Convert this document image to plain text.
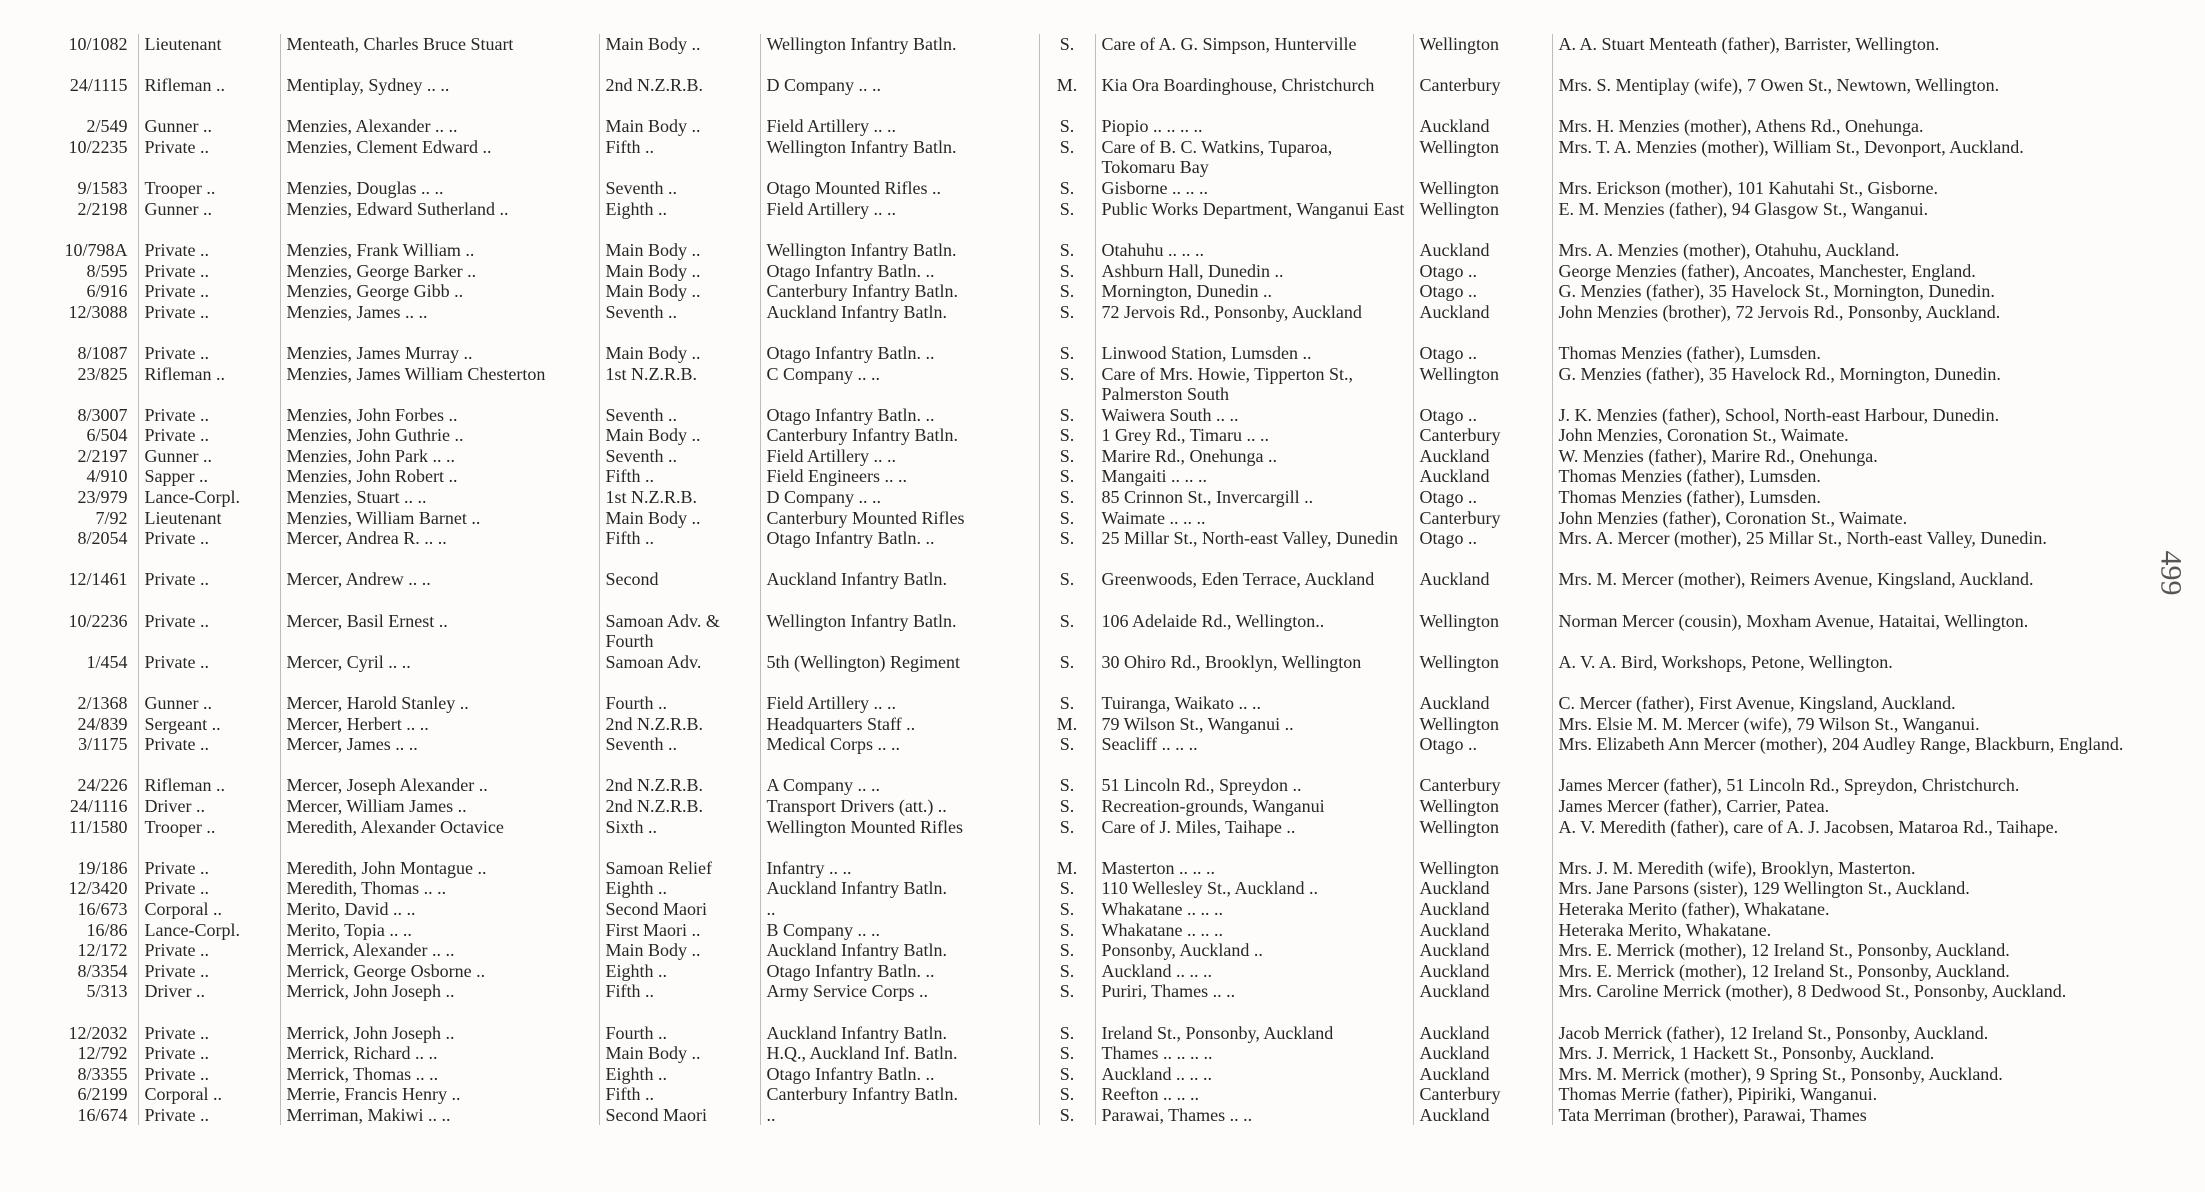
10/1082	Lieutenant	Menteath, Charles Bruce Stuart	Main Body ..	Wellington Infantry Batln.	S.	Care of A. G. Simpson, Hunterville	Wellington	A. A. Stuart Menteath (father), Barrister, Wellington.
24/1115	Rifleman ..	Mentiplay, Sydney .. ..	2nd N.Z.R.B.	D Company .. ..	M.	Kia Ora Boardinghouse, Christchurch	Canterbury	Mrs. S. Mentiplay (wife), 7 Owen St., Newtown, Wellington.
2/549	Gunner ..	Menzies, Alexander .. ..	Main Body ..	Field Artillery .. ..	S.	Piopio .. .. .. ..	Auckland	Mrs. H. Menzies (mother), Athens Rd., Onehunga.
10/2235	Private ..	Menzies, Clement Edward ..	Fifth ..	Wellington Infantry Batln.	S.	Care of B. C. Watkins, Tuparoa, Tokomaru Bay	Wellington	Mrs. T. A. Menzies (mother), William St., Devonport, Auckland.
9/1583	Trooper ..	Menzies, Douglas .. ..	Seventh ..	Otago Mounted Rifles ..	S.	Gisborne .. .. ..	Wellington	Mrs. Erickson (mother), 101 Kahutahi St., Gisborne.
2/2198	Gunner ..	Menzies, Edward Sutherland ..	Eighth ..	Field Artillery .. ..	S.	Public Works Department, Wanganui East	Wellington	E. M. Menzies (father), 94 Glasgow St., Wanganui.
10/798A	Private ..	Menzies, Frank William ..	Main Body ..	Wellington Infantry Batln.	S.	Otahuhu .. .. ..	Auckland	Mrs. A. Menzies (mother), Otahuhu, Auckland.
8/595	Private ..	Menzies, George Barker ..	Main Body ..	Otago Infantry Batln. ..	S.	Ashburn Hall, Dunedin ..	Otago ..	George Menzies (father), Ancoates, Manchester, England.
6/916	Private ..	Menzies, George Gibb ..	Main Body ..	Canterbury Infantry Batln.	S.	Mornington, Dunedin ..	Otago ..	G. Menzies (father), 35 Havelock St., Mornington, Dunedin.
12/3088	Private ..	Menzies, James .. ..	Seventh ..	Auckland Infantry Batln.	S.	72 Jervois Rd., Ponsonby, Auckland	Auckland	John Menzies (brother), 72 Jervois Rd., Ponsonby, Auckland.
8/1087	Private ..	Menzies, James Murray ..	Main Body ..	Otago Infantry Batln. ..	S.	Linwood Station, Lumsden ..	Otago ..	Thomas Menzies (father), Lumsden.
23/825	Rifleman ..	Menzies, James William Chesterton	1st N.Z.R.B.	C Company .. ..	S.	Care of Mrs. Howie, Tipperton St., Palmerston South	Wellington	G. Menzies (father), 35 Havelock Rd., Mornington, Dunedin.
8/3007	Private ..	Menzies, John Forbes ..	Seventh ..	Otago Infantry Batln. ..	S.	Waiwera South .. ..	Otago ..	J. K. Menzies (father), School, North-east Harbour, Dunedin.
6/504	Private ..	Menzies, John Guthrie ..	Main Body ..	Canterbury Infantry Batln.	S.	1 Grey Rd., Timaru .. ..	Canterbury	John Menzies, Coronation St., Waimate.
2/2197	Gunner ..	Menzies, John Park .. ..	Seventh ..	Field Artillery .. ..	S.	Marire Rd., Onehunga ..	Auckland	W. Menzies (father), Marire Rd., Onehunga.
4/910	Sapper ..	Menzies, John Robert ..	Fifth ..	Field Engineers .. ..	S.	Mangaiti .. .. ..	Auckland	Thomas Menzies (father), Lumsden.
23/979	Lance-Corpl.	Menzies, Stuart .. ..	1st N.Z.R.B.	D Company .. ..	S.	85 Crinnon St., Invercargill ..	Otago ..	Thomas Menzies (father), Lumsden.
7/92	Lieutenant	Menzies, William Barnet ..	Main Body ..	Canterbury Mounted Rifles	S.	Waimate .. .. ..	Canterbury	John Menzies (father), Coronation St., Waimate.
8/2054	Private ..	Mercer, Andrea R. .. ..	Fifth ..	Otago Infantry Batln. ..	S.	25 Millar St., North-east Valley, Dunedin	Otago ..	Mrs. A. Mercer (mother), 25 Millar St., North-east Valley, Dunedin.
12/1461	Private ..	Mercer, Andrew .. ..	Second	Auckland Infantry Batln.	S.	Greenwoods, Eden Terrace, Auckland	Auckland	Mrs. M. Mercer (mother), Reimers Avenue, Kingsland, Auckland.
10/2236	Private ..	Mercer, Basil Ernest ..	Samoan Adv. & Fourth	Wellington Infantry Batln.	S.	106 Adelaide Rd., Wellington..	Wellington	Norman Mercer (cousin), Moxham Avenue, Hataitai, Wellington.
1/454	Private ..	Mercer, Cyril .. ..	Samoan Adv.	5th (Wellington) Regiment	S.	30 Ohiro Rd., Brooklyn, Wellington	Wellington	A. V. A. Bird, Workshops, Petone, Wellington.
2/1368	Gunner ..	Mercer, Harold Stanley ..	Fourth ..	Field Artillery .. ..	S.	Tuiranga, Waikato .. ..	Auckland	C. Mercer (father), First Avenue, Kingsland, Auckland.
24/839	Sergeant ..	Mercer, Herbert .. ..	2nd N.Z.R.B.	Headquarters Staff ..	M.	79 Wilson St., Wanganui ..	Wellington	Mrs. Elsie M. M. Mercer (wife), 79 Wilson St., Wanganui.
3/1175	Private ..	Mercer, James .. ..	Seventh ..	Medical Corps .. ..	S.	Seacliff .. .. ..	Otago ..	Mrs. Elizabeth Ann Mercer (mother), 204 Audley Range, Blackburn, England.
24/226	Rifleman ..	Mercer, Joseph Alexander ..	2nd N.Z.R.B.	A Company .. ..	S.	51 Lincoln Rd., Spreydon ..	Canterbury	James Mercer (father), 51 Lincoln Rd., Spreydon, Christchurch.
24/1116	Driver ..	Mercer, William James ..	2nd N.Z.R.B.	Transport Drivers (att.) ..	S.	Recreation-grounds, Wanganui	Wellington	James Mercer (father), Carrier, Patea.
11/1580	Trooper ..	Meredith, Alexander Octavice	Sixth ..	Wellington Mounted Rifles	S.	Care of J. Miles, Taihape ..	Wellington	A. V. Meredith (father), care of A. J. Jacobsen, Mataroa Rd., Taihape.
19/186	Private ..	Meredith, John Montague ..	Samoan Relief	Infantry .. ..	M.	Masterton .. .. ..	Wellington	Mrs. J. M. Meredith (wife), Brooklyn, Masterton.
12/3420	Private ..	Meredith, Thomas .. ..	Eighth ..	Auckland Infantry Batln.	S.	110 Wellesley St., Auckland ..	Auckland	Mrs. Jane Parsons (sister), 129 Wellington St., Auckland.
16/673	Corporal ..	Merito, David .. ..	Second Maori	..	S.	Whakatane .. .. ..	Auckland	Heteraka Merito (father), Whakatane.
16/86	Lance-Corpl.	Merito, Topia .. ..	First Maori ..	B Company .. ..	S.	Whakatane .. .. ..	Auckland	Heteraka Merito, Whakatane.
12/172	Private ..	Merrick, Alexander .. ..	Main Body ..	Auckland Infantry Batln.	S.	Ponsonby, Auckland ..	Auckland	Mrs. E. Merrick (mother), 12 Ireland St., Ponsonby, Auckland.
8/3354	Private ..	Merrick, George Osborne ..	Eighth ..	Otago Infantry Batln. ..	S.	Auckland .. .. ..	Auckland	Mrs. E. Merrick (mother), 12 Ireland St., Ponsonby, Auckland.
5/313	Driver ..	Merrick, John Joseph ..	Fifth ..	Army Service Corps ..	S.	Puriri, Thames .. ..	Auckland	Mrs. Caroline Merrick (mother), 8 Dedwood St., Ponsonby, Auckland.
12/2032	Private ..	Merrick, John Joseph ..	Fourth ..	Auckland Infantry Batln.	S.	Ireland St., Ponsonby, Auckland	Auckland	Jacob Merrick (father), 12 Ireland St., Ponsonby, Auckland.
12/792	Private ..	Merrick, Richard .. ..	Main Body ..	H.Q., Auckland Inf. Batln.	S.	Thames .. .. .. ..	Auckland	Mrs. J. Merrick, 1 Hackett St., Ponsonby, Auckland.
8/3355	Private ..	Merrick, Thomas .. ..	Eighth ..	Otago Infantry Batln. ..	S.	Auckland .. .. ..	Auckland	Mrs. M. Merrick (mother), 9 Spring St., Ponsonby, Auckland.
6/2199	Corporal ..	Merrie, Francis Henry ..	Fifth ..	Canterbury Infantry Batln.	S.	Reefton .. .. ..	Canterbury	Thomas Merrie (father), Pipiriki, Wanganui.
16/674	Private ..	Merriman, Makiwi .. ..	Second Maori	..	S.	Parawai, Thames .. ..	Auckland	Tata Merriman (brother), Parawai, Thames
499
